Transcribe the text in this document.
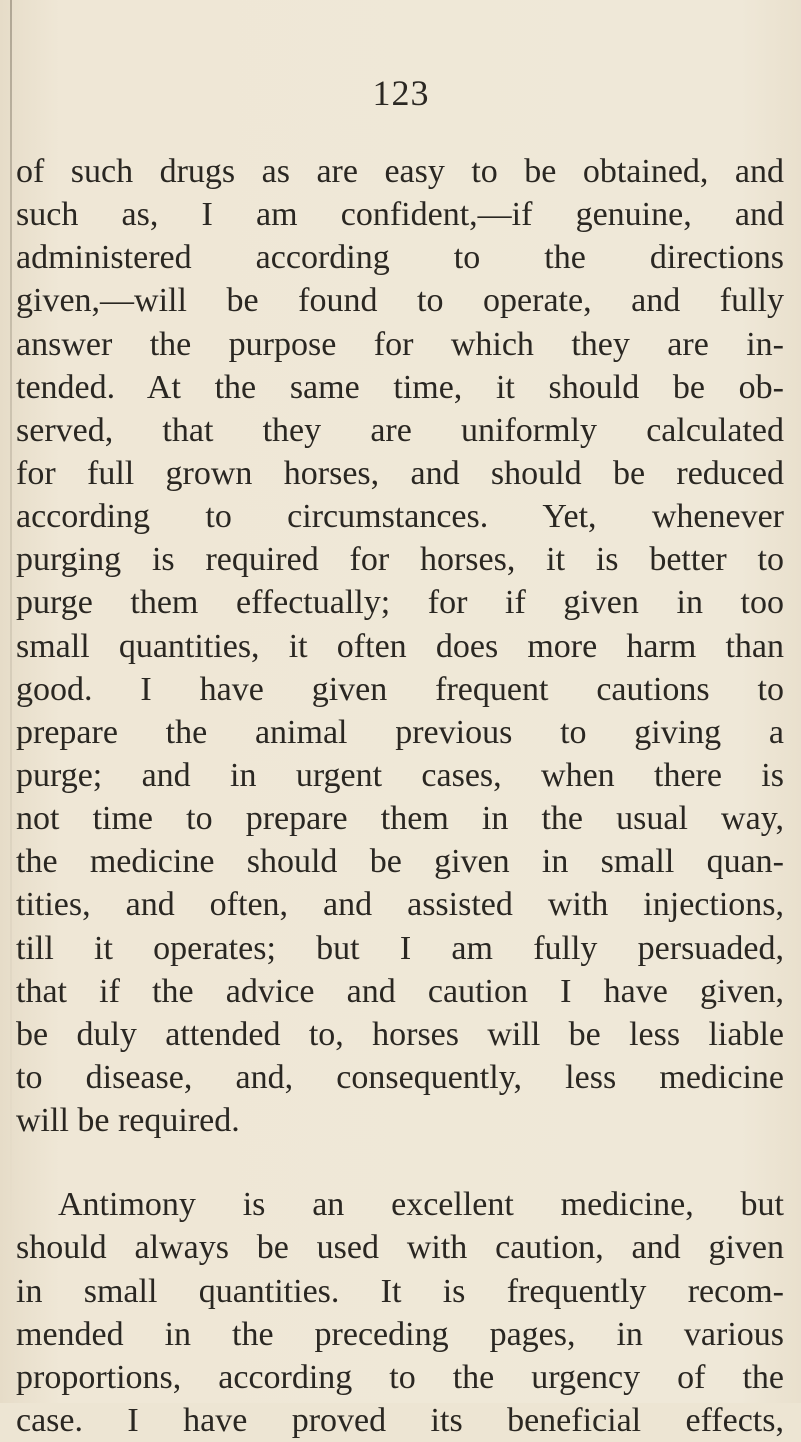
123
of such drugs as are easy to be obtained, and
such as, I am confident,—if genuine, and
administered according to the directions
given,—will be found to operate, and fully
answer the purpose for which they are in-
tended. At the same time, it should be ob-
served, that they are uniformly calculated
for full grown horses, and should be reduced
according to circumstances. Yet, whenever
purging is required for horses, it is better to
purge them effectually; for if given in too
small quantities, it often does more harm than
good. I have given frequent cautions to
prepare the animal previous to giving a
purge; and in urgent cases, when there is
not time to prepare them in the usual way,
the medicine should be given in small quan-
tities, and often, and assisted with injections,
till it operates; but I am fully persuaded,
that if the advice and caution I have given,
be duly attended to, horses will be less liable
to disease, and, consequently, less medicine
will be required.
Antimony is an excellent medicine, but
should always be used with caution, and given
in small quantities. It is frequently recom-
mended in the preceding pages, in various
proportions, according to the urgency of the
case. I have proved its beneficial effects,
